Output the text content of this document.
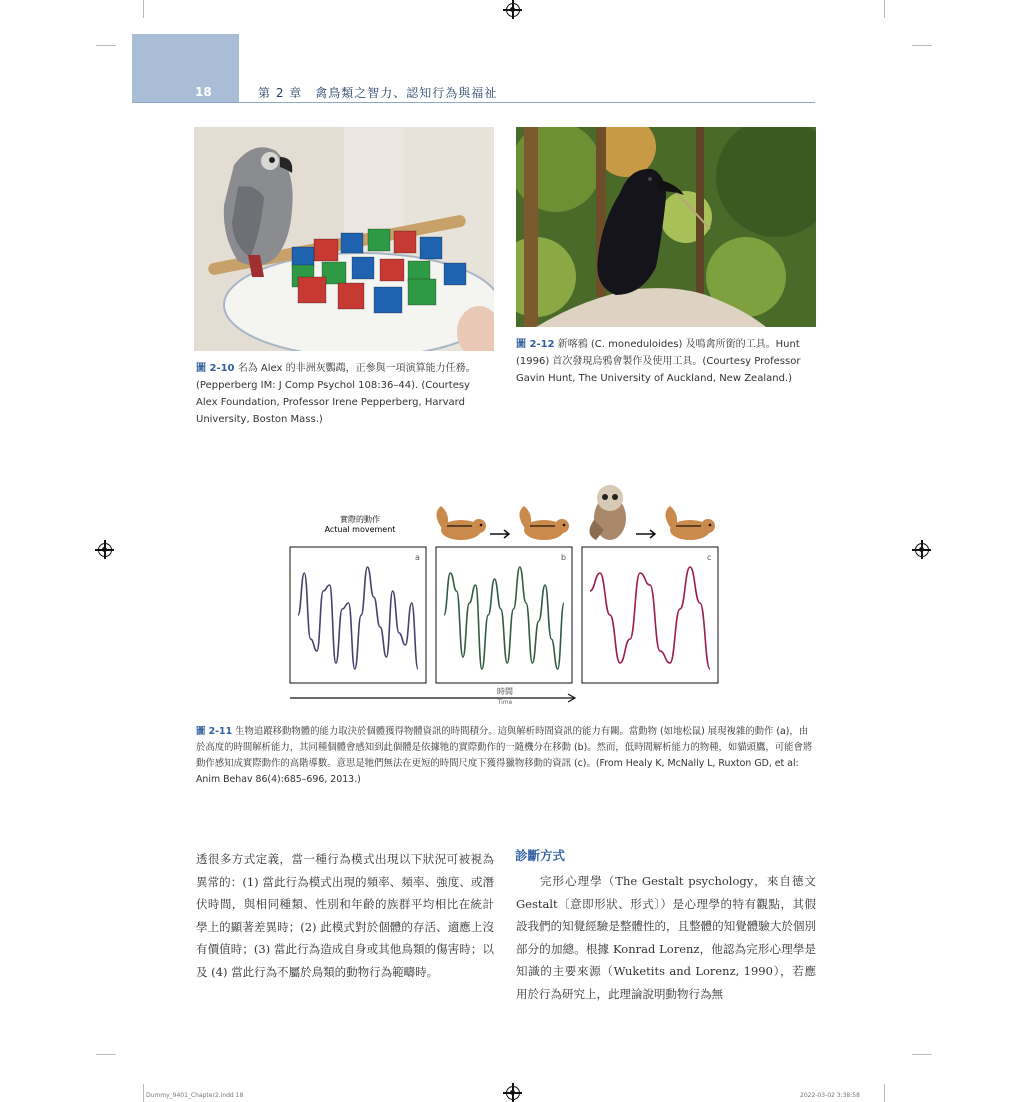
18	第 2 章　禽鳥類之智力、認知行為與福祉
圖 2-10 名為 Alex 的非洲灰鸚鵡，正參與一項演算能力任務。(Pepperberg IM: J Comp Psychol 108:36–44). (Courtesy Alex Foundation, Professor Irene Pepperberg, Harvard University, Boston Mass.)
圖 2-12 新喀鴉 (C. moneduloides) 及鳴禽所銜的工具。Hunt (1996) 首次發現烏鴉會製作及使用工具。(Courtesy Professor Gavin Hunt, The University of Auckland, New Zealand.)
實際的動作
Actual movement
a	b	c
時間
Time
圖 2-11 生物追蹤移動物體的能力取決於個體獲得物體資訊的時間積分。這與解析時間資訊的能力有關。當動物 (如地松鼠) 展現複雜的動作 (a)，由於高度的時間解析能力，其同種個體會感知到此個體是依據牠的實際動作的一隨機分在移動 (b)。然而，低時間解析能力的物種，如貓頭鷹，可能會將動作感知成實際動作的高階導數。意思是牠們無法在更短的時間尺度下獲得獵物移動的資訊 (c)。(From Healy K, McNally L, Ruxton GD, et al: Anim Behav 86(4):685–696, 2013.)
透很多方式定義，當一種行為模式出現以下狀況可被視為異常的：(1) 當此行為模式出現的頻率、頻率、強度、或潛伏時間，與相同種類、性別和年齡的族群平均相比在統計學上的顯著差異時；(2) 此模式對於個體的存活、適應上沒有價值時；(3) 當此行為造成自身或其他鳥類的傷害時；以及 (4) 當此行為不屬於鳥類的動物行為範疇時。
診斷方式
完形心理學（The Gestalt psychology，來自德文 Gestalt〔意即形狀、形式〕）是心理學的特有觀點，其假設我們的知覺經驗是整體性的，且整體的知覺體驗大於個別部分的加總。根據 Konrad Lorenz，他認為完形心理學是知識的主要來源（Wuketits and Lorenz, 1990），若應用於行為研究上，此理論說明動物行為無
Dummy_9401_Chapter2.indd 18	2022-03-02 3:38:58
